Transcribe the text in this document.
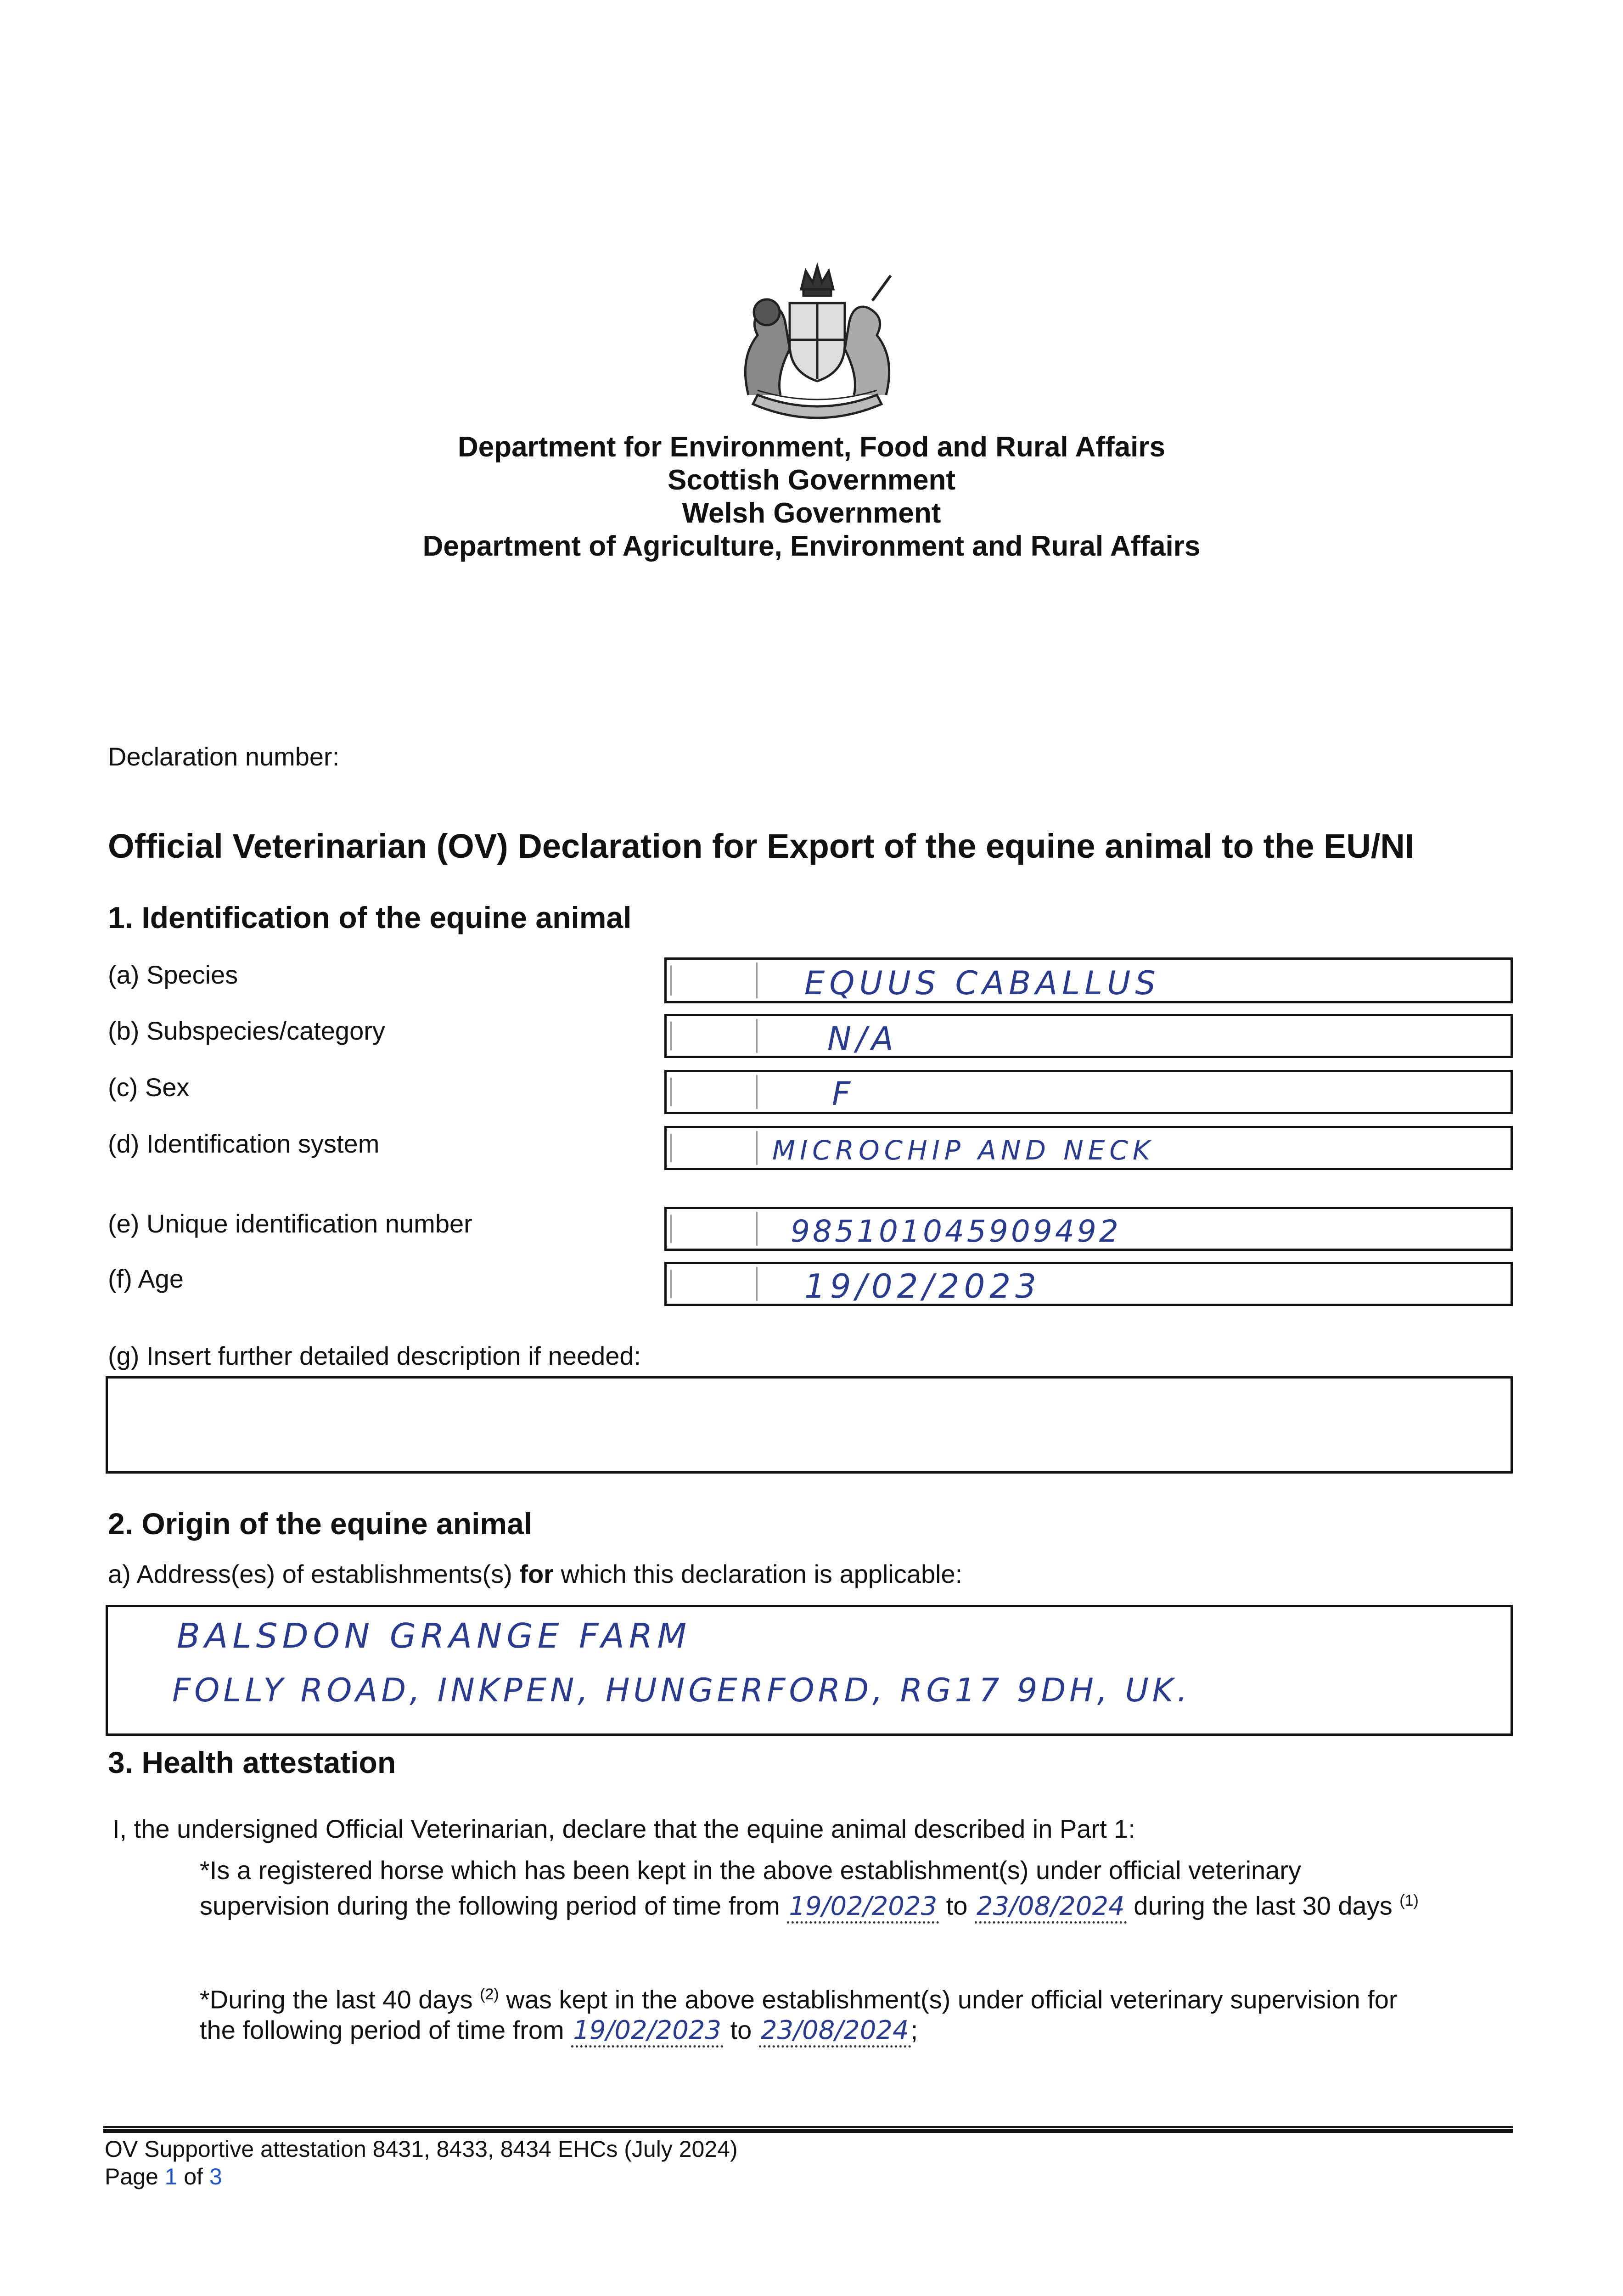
Department for Environment, Food and Rural Affairs
Scottish Government
Welsh Government
Department of Agriculture, Environment and Rural Affairs
Declaration number:
Official Veterinarian (OV) Declaration for Export of the equine animal to the EU/NI
1. Identification of the equine animal
(a) Species	EQUUS CABALLUS
(b) Subspecies/category	N/A
(c) Sex	F
(d) Identification system	MICROCHIP AND NECK
(e) Unique identification number	985101045909492
(f) Age	19/02/2023
(g) Insert further detailed description if needed:
2. Origin of the equine animal
a) Address(es) of establishments(s) for which this declaration is applicable:
BALSDON GRANGE FARM
FOLLY ROAD, INKPEN, HUNGERFORD, RG17 9DH, UK.
3. Health attestation
I, the undersigned Official Veterinarian, declare that the equine animal described in Part 1:
*Is a registered horse which has been kept in the above establishment(s) under official veterinary
supervision during the following period of time from 19/02/2023 to 23/08/2024 during the last 30 days $^{(1)}$
*During the last 40 days $^{(2)}$ was kept in the above establishment(s) under official veterinary supervision for
the following period of time from 19/02/2023 to 23/08/2024;
OV Supportive attestation 8431, 8433, 8434 EHCs (July 2024)
Page 1 of 3
